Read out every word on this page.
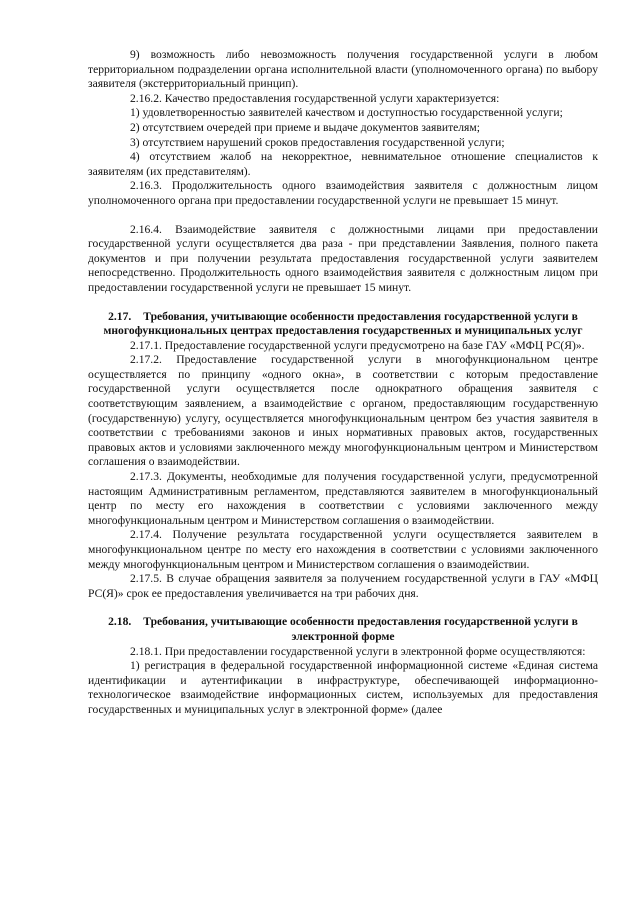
9) возможность либо невозможность получения государственной услуги в любом территориальном подразделении органа исполнительной власти (уполномоченного органа) по выбору заявителя (экстерриториальный принцип).

2.16.2. Качество предоставления государственной услуги характеризуется:

1) удовлетворенностью заявителей качеством и доступностью государственной услуги;

2) отсутствием очередей при приеме и выдаче документов заявителям;

3) отсутствием нарушений сроков предоставления государственной услуги;

4) отсутствием жалоб на некорректное, невнимательное отношение специалистов к заявителям (их представителям).

2.16.3. Продолжительность одного взаимодействия заявителя с должностным лицом уполномоченного органа при предоставлении государственной услуги не превышает 15 минут.

2.16.4. Взаимодействие заявителя с должностными лицами при предоставлении государственной услуги осуществляется два раза - при представлении Заявления, полного пакета документов и при получении результата предоставления государственной услуги заявителем непосредственно. Продолжительность одного взаимодействия заявителя с должностным лицом при предоставлении государственной услуги не превышает 15 минут.

2.17. Требования, учитывающие особенности предоставления государственной услуги в многофункциональных центрах предоставления государственных и муниципальных услуг

2.17.1. Предоставление государственной услуги предусмотрено на базе ГАУ «МФЦ РС(Я)».

2.17.2. Предоставление государственной услуги в многофункциональном центре осуществляется по принципу «одного окна», в соответствии с которым предоставление государственной услуги осуществляется после однократного обращения заявителя с соответствующим заявлением, а взаимодействие с органом, предоставляющим государственную (государственную) услугу, осуществляется многофункциональным центром без участия заявителя в соответствии с требованиями законов и иных нормативных правовых актов, государственных правовых актов и условиями заключенного между многофункциональным центром и Министерством соглашения о взаимодействии.

2.17.3. Документы, необходимые для получения государственной услуги, предусмотренной настоящим Административным регламентом, представляются заявителем в многофункциональный центр по месту его нахождения в соответствии с условиями заключенного между многофункциональным центром и Министерством соглашения о взаимодействии.

2.17.4. Получение результата государственной услуги осуществляется заявителем в многофункциональном центре по месту его нахождения в соответствии с условиями заключенного между многофункциональным центром и Министерством соглашения о взаимодействии.

2.17.5. В случае обращения заявителя за получением государственной услуги в ГАУ «МФЦ РС(Я)» срок ее предоставления увеличивается на три рабочих дня.

2.18. Требования, учитывающие особенности предоставления государственной услуги в электронной форме

2.18.1. При предоставлении государственной услуги в электронной форме осуществляются:

1) регистрация в федеральной государственной информационной системе «Единая система идентификации и аутентификации в инфраструктуре, обеспечивающей информационно-технологическое взаимодействие информационных систем, используемых для предоставления государственных и муниципальных услуг в электронной форме» (далее
